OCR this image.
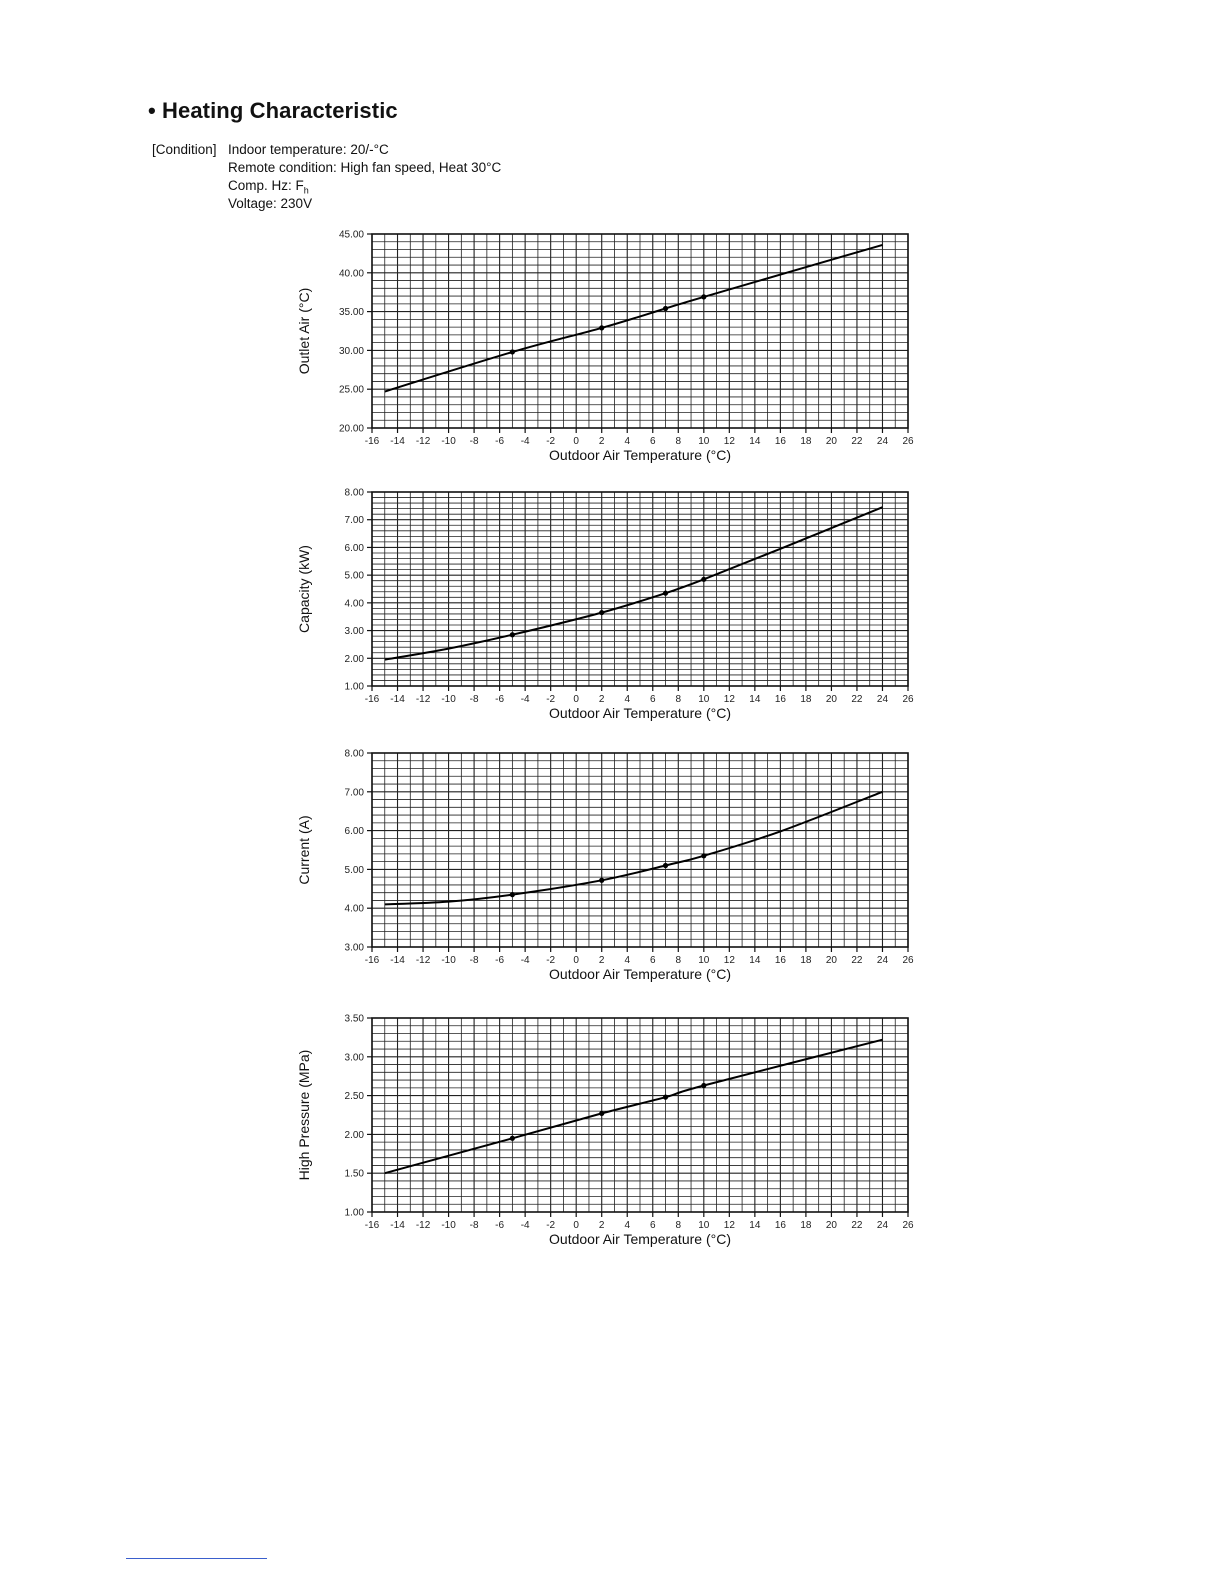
• Heating Characteristic
[Condition] Indoor temperature: 20/-°C
Remote condition: High fan speed, Heat 30°C
Comp. Hz: $F_h$
Voltage: 230V
20.00
25.00
30.00
35.00
40.00
45.00
-16 -14 -12 -10 -8 -6 -4 -2 0 2 4 6 8 10 12 14 16 18 20 22 24 26
Outdoor Air Temperature (°C)
Outlet Air (°C)
1.00
2.00
3.00
4.00
5.00
6.00
7.00
8.00
-16 -14 -12 -10 -8 -6 -4 -2 0 2 4 6 8 10 12 14 16 18 20 22 24 26
Outdoor Air Temperature (°C)
Capacity (kW)
3.00
4.00
5.00
6.00
7.00
8.00
-16 -14 -12 -10 -8 -6 -4 -2 0 2 4 6 8 10 12 14 16 18 20 22 24 26
Outdoor Air Temperature (°C)
Current (A)
1.00
1.50
2.00
2.50
3.00
3.50
-16 -14 -12 -10 -8 -6 -4 -2 0 2 4 6 8 10 12 14 16 18 20 22 24 26
Outdoor Air Temperature (°C)
High Pressure (MPa)
